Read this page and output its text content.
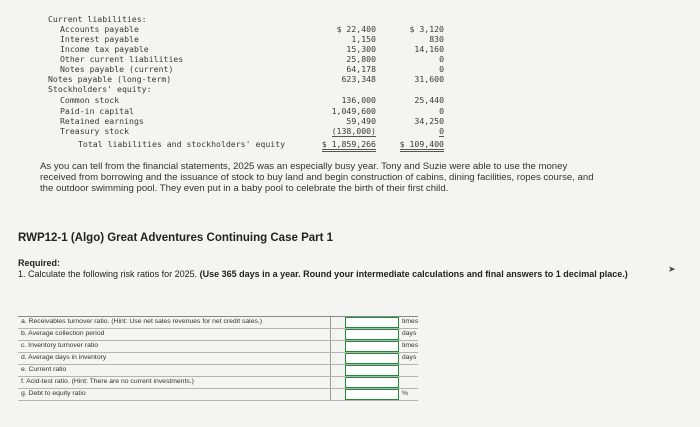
Current liabilities:
Accounts payable	$ 22,400	$ 3,120
Interest payable	1,150	830
Income tax payable	15,300	14,160
Other current liabilities	25,800	0
Notes payable (current)	64,178	0
Notes payable (long-term)	623,348	31,600
Stockholders' equity:
Common stock	136,000	25,440
Paid-in capital	1,049,600	0
Retained earnings	59,490	34,250
Treasury stock	(138,000)	0
Total liabilities and stockholders' equity	$ 1,859,266	$ 109,400
As you can tell from the financial statements, 2025 was an especially busy year. Tony and Suzie were able to use the money received from borrowing and the issuance of stock to buy land and begin construction of cabins, dining facilities, ropes course, and the outdoor swimming pool. They even put in a baby pool to celebrate the birth of their first child.
RWP12-1 (Algo) Great Adventures Continuing Case Part 1
Required:
1. Calculate the following risk ratios for 2025. (Use 365 days in a year. Round your intermediate calculations and final answers to 1 decimal place.)	➤
a. Receivables turnover ratio. (Hint: Use net sales revenues for net credit sales.)	times
b. Average collection period	days
c. Inventory turnover ratio	times
d. Average days in inventory	days
e. Current ratio
f. Acid-test ratio. (Hint: There are no current investments.)
g. Debt to equity ratio	%
